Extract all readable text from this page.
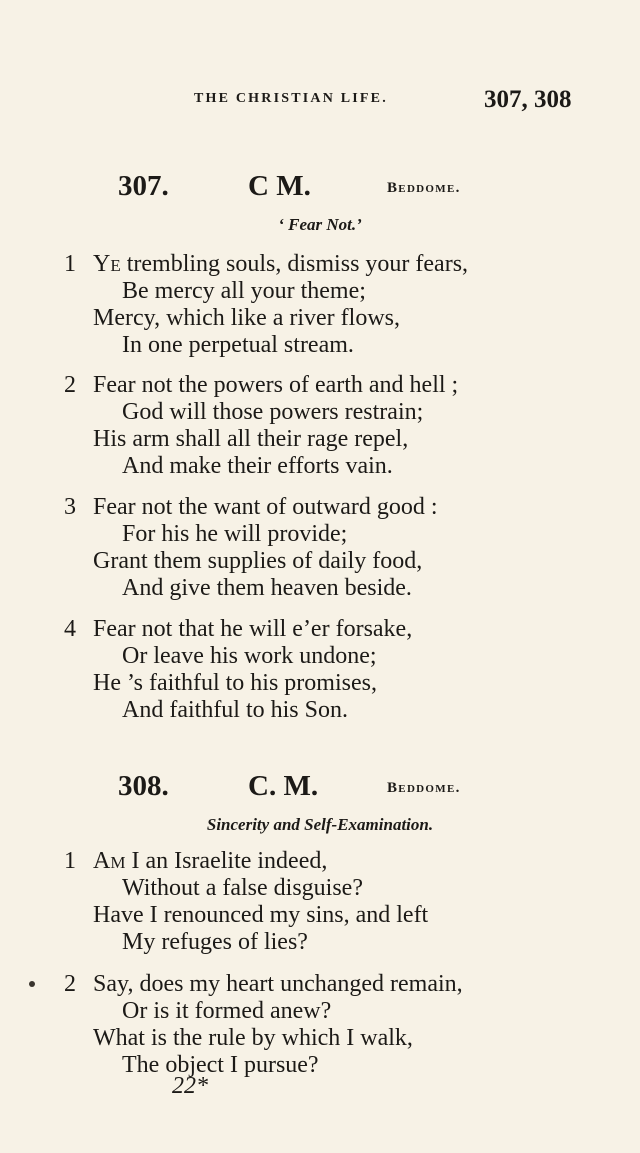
THE CHRISTIAN LIFE.	307, 308
307.	C M.	Beddome.
‘ Fear Not.’
1 Ye trembling souls, dismiss your fears,
Be mercy all your theme;
Mercy, which like a river flows,
In one perpetual stream.
2 Fear not the powers of earth and hell ;
God will those powers restrain;
His arm shall all their rage repel,
And make their efforts vain.
3 Fear not the want of outward good :
For his he will provide;
Grant them supplies of daily food,
And give them heaven beside.
4 Fear not that he will e’er forsake,
Or leave his work undone;
He ’s faithful to his promises,
And faithful to his Son.
308.	C. M.	Beddome.
Sincerity and Self-Examination.
1 Am I an Israelite indeed,
Without a false disguise?
Have I renounced my sins, and left
My refuges of lies?
2 Say, does my heart unchanged remain,
Or is it formed anew?
What is the rule by which I walk,
The object I pursue?
22*
